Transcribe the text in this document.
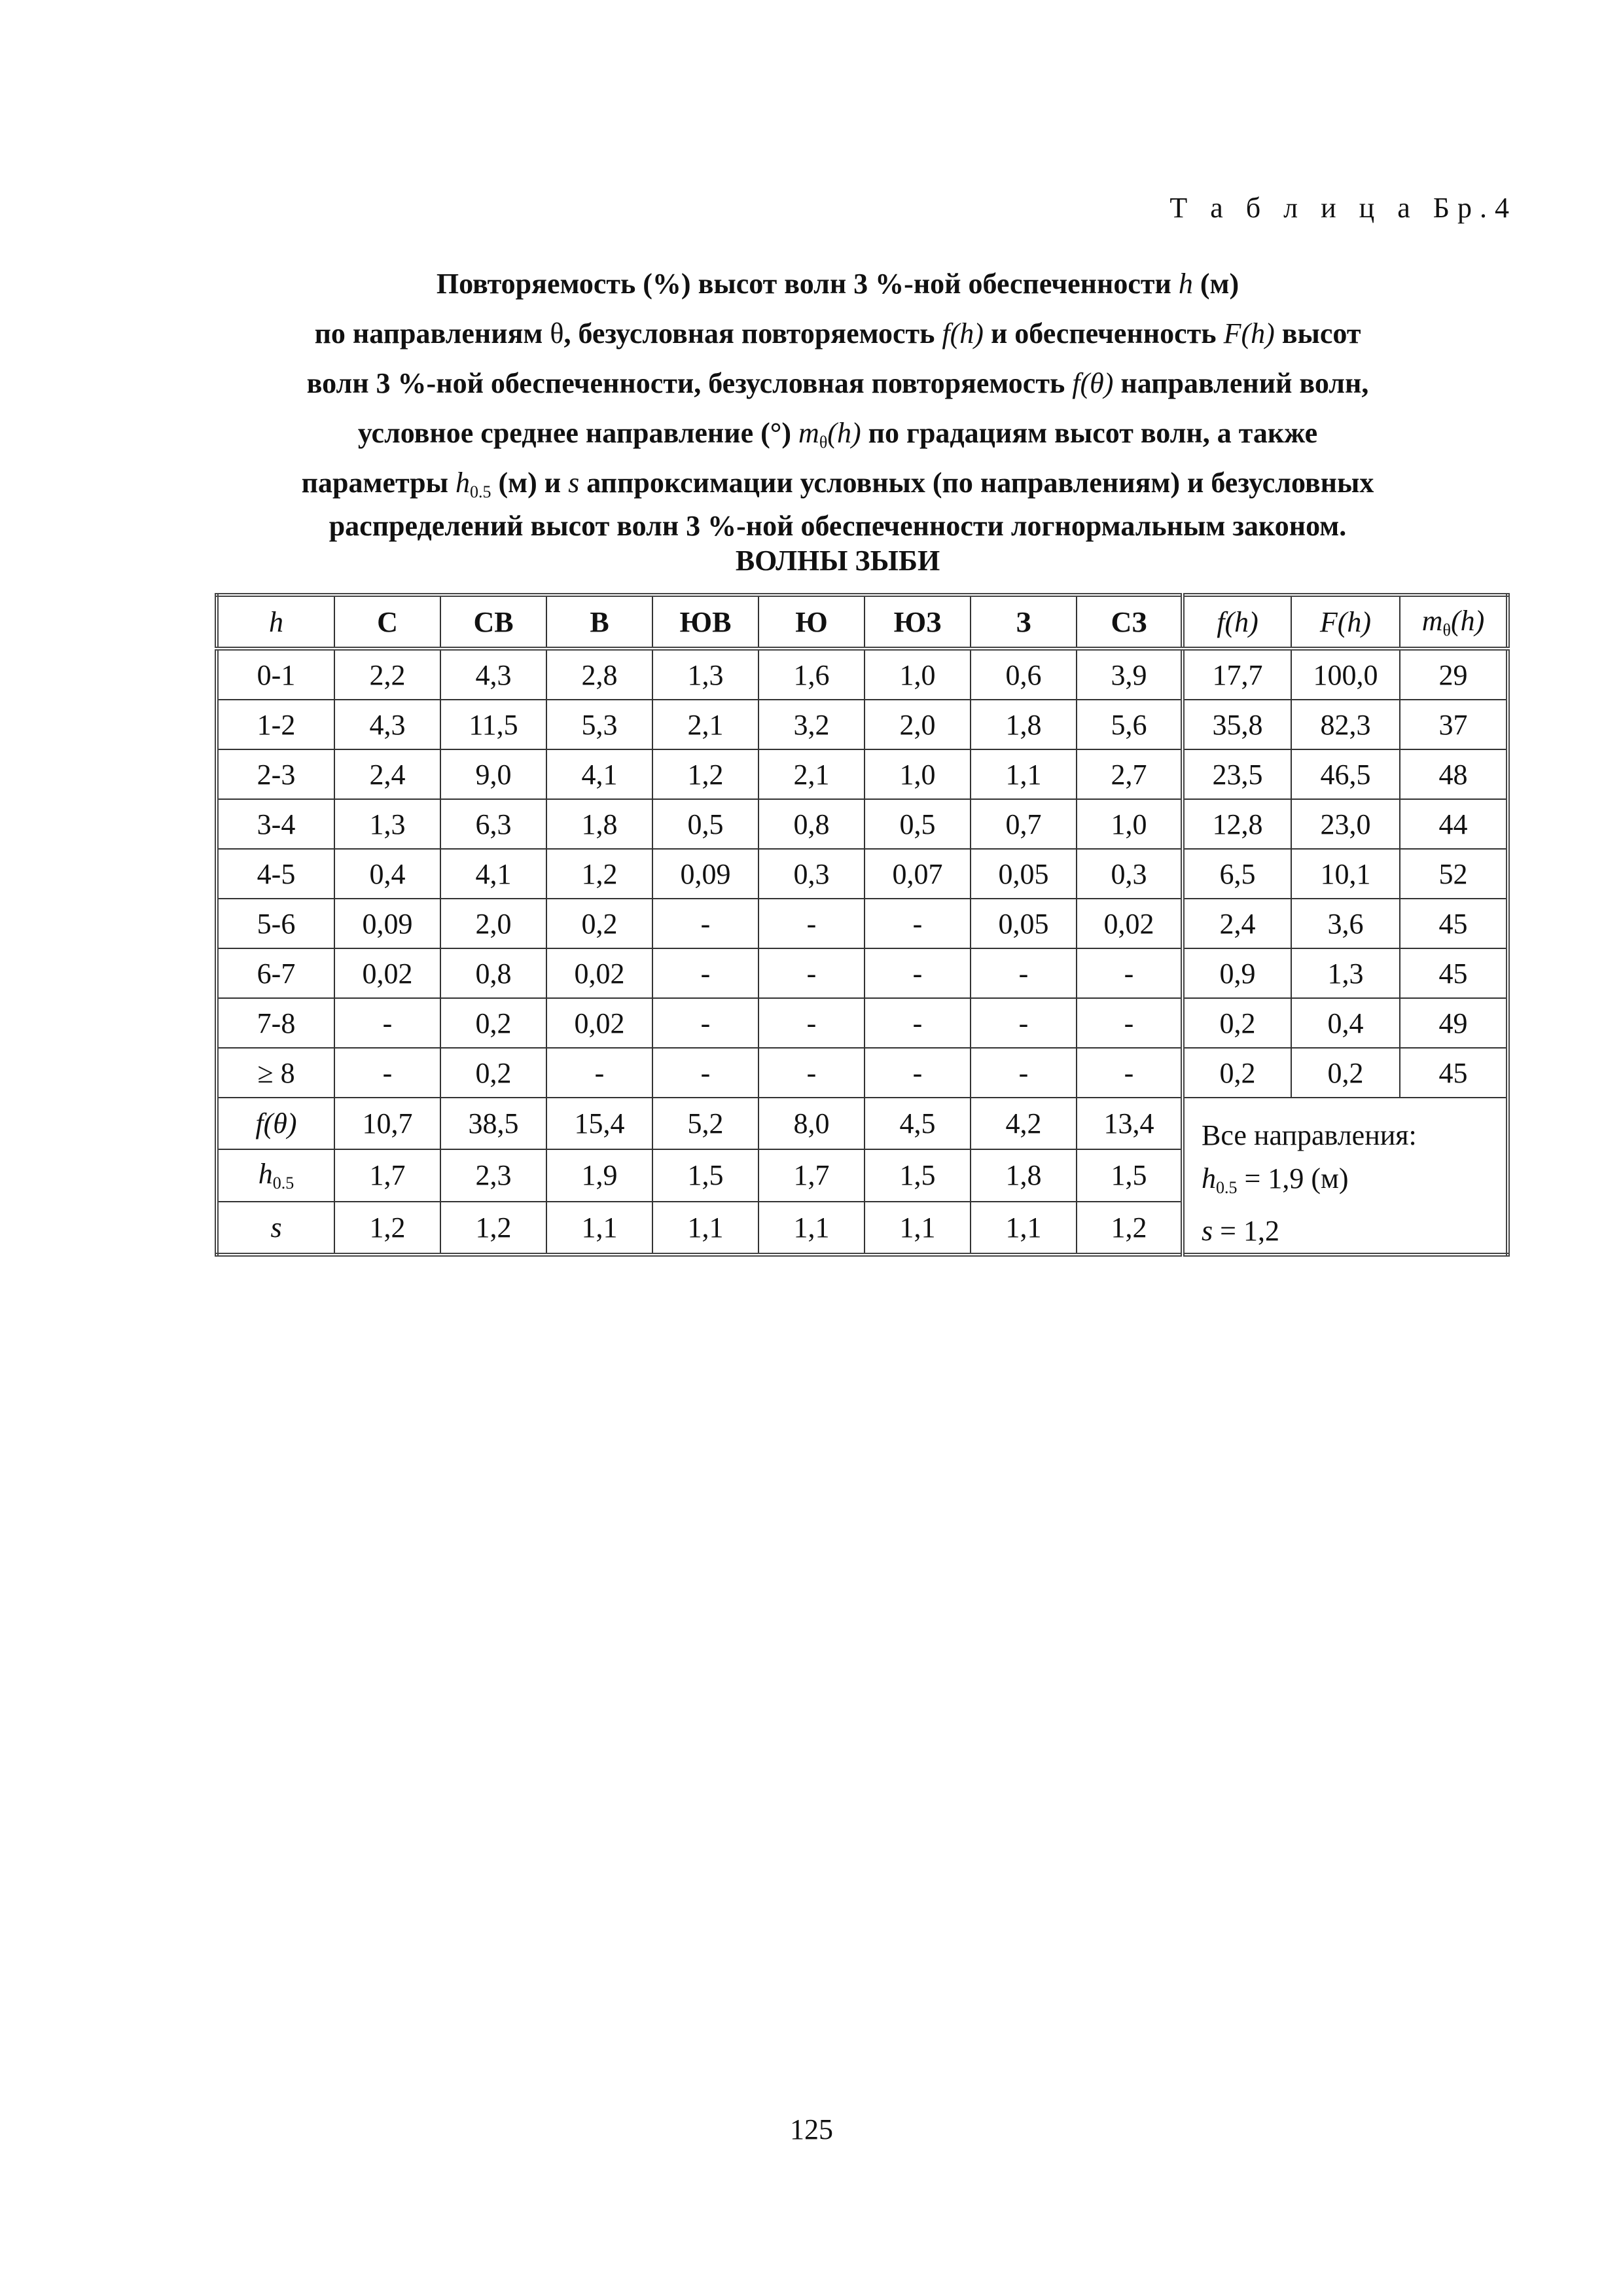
Т а б л и ц а Бр.4
Повторяемость (%) высот волн 3 %-ной обеспеченности h (м)
по направлениям θ, безусловная повторяемость f(h) и обеспеченность F(h) высот
волн 3 %-ной обеспеченности, безусловная повторяемость f(θ) направлений волн,
условное среднее направление (°) $m_\theta(h)$ по градациям высот волн, а также
параметры $h_{0.5}$ (м) и s аппроксимации условных (по направлениям) и безусловных
распределений высот волн 3 %-ной обеспеченности логнормальным законом.
ВОЛНЫ ЗЫБИ
h	С	СВ	В	ЮВ	Ю	ЮЗ	З	СЗ	f(h)	F(h)	$m_\theta(h)$
0-1	2,2	4,3	2,8	1,3	1,6	1,0	0,6	3,9	17,7	100,0	29
1-2	4,3	11,5	5,3	2,1	3,2	2,0	1,8	5,6	35,8	82,3	37
2-3	2,4	9,0	4,1	1,2	2,1	1,0	1,1	2,7	23,5	46,5	48
3-4	1,3	6,3	1,8	0,5	0,8	0,5	0,7	1,0	12,8	23,0	44
4-5	0,4	4,1	1,2	0,09	0,3	0,07	0,05	0,3	6,5	10,1	52
5-6	0,09	2,0	0,2	-	-	-	0,05	0,02	2,4	3,6	45
6-7	0,02	0,8	0,02	-	-	-	-	-	0,9	1,3	45
7-8	-	0,2	0,02	-	-	-	-	-	0,2	0,4	49
≥ 8	-	0,2	-	-	-	-	-	-	0,2	0,2	45
f(θ)	10,7	38,5	15,4	5,2	8,0	4,5	4,2	13,4	Все направления:
$h_{0.5} = 1,9$ (м)
s = 1,2		

$h_{0.5}$	1,7	2,3	1,9	1,5	1,7	1,5	1,8	1,5			
s	1,2	1,2	1,1	1,1	1,1	1,1	1,1	1,2			
125
